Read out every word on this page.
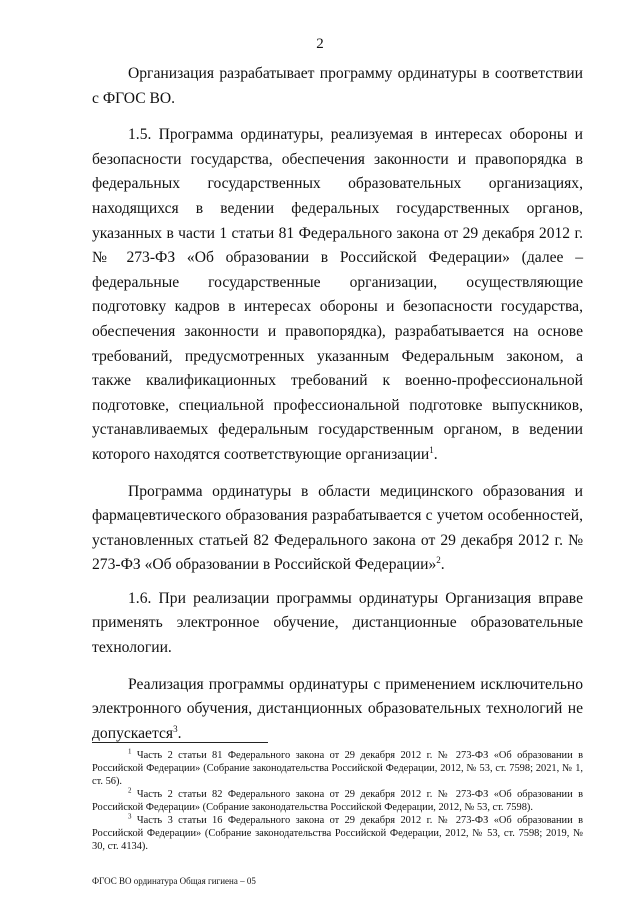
2

Организация разрабатывает программу ординатуры в соответствии с ФГОС ВО.

1.5. Программа ординатуры, реализуемая в интересах обороны и безопасности государства, обеспечения законности и правопорядка в федеральных государственных образовательных организациях, находящихся в ведении федеральных государственных органов, указанных в части 1 статьи 81 Федерального закона от 29 декабря 2012 г. № 273-ФЗ «Об образовании в Российской Федерации» (далее – федеральные государственные организации, осуществляющие подготовку кадров в интересах обороны и безопасности государства, обеспечения законности и правопорядка), разрабатывается на основе требований, предусмотренных указанным Федеральным законом, а также квалификационных требований к военно-профессиональной подготовке, специальной профессиональной подготовке выпускников, устанавливаемых федеральным государственным органом, в ведении которого находятся соответствующие организации$^1$.

Программа ординатуры в области медицинского образования и фармацевтического образования разрабатывается с учетом особенностей, установленных статьей 82 Федерального закона от 29 декабря 2012 г. № 273-ФЗ «Об образовании в Российской Федерации»$^2$.

1.6. При реализации программы ординатуры Организация вправе применять электронное обучение, дистанционные образовательные технологии.

Реализация программы ординатуры с применением исключительно электронного обучения, дистанционных образовательных технологий не допускается$^3$.

$^1$ Часть 2 статьи 81 Федерального закона от 29 декабря 2012 г. № 273-ФЗ «Об образовании в Российской Федерации» (Собрание законодательства Российской Федерации, 2012, № 53, ст. 7598; 2021, № 1, ст. 56).

$^2$ Часть 2 статьи 82 Федерального закона от 29 декабря 2012 г. № 273-ФЗ «Об образовании в Российской Федерации» (Собрание законодательства Российской Федерации, 2012, № 53, ст. 7598).

$^3$ Часть 3 статьи 16 Федерального закона от 29 декабря 2012 г. № 273-ФЗ «Об образовании в Российской Федерации» (Собрание законодательства Российской Федерации, 2012, № 53, ст. 7598; 2019, № 30, ст. 4134).

ФГОС ВО ординатура Общая гигиена – 05
